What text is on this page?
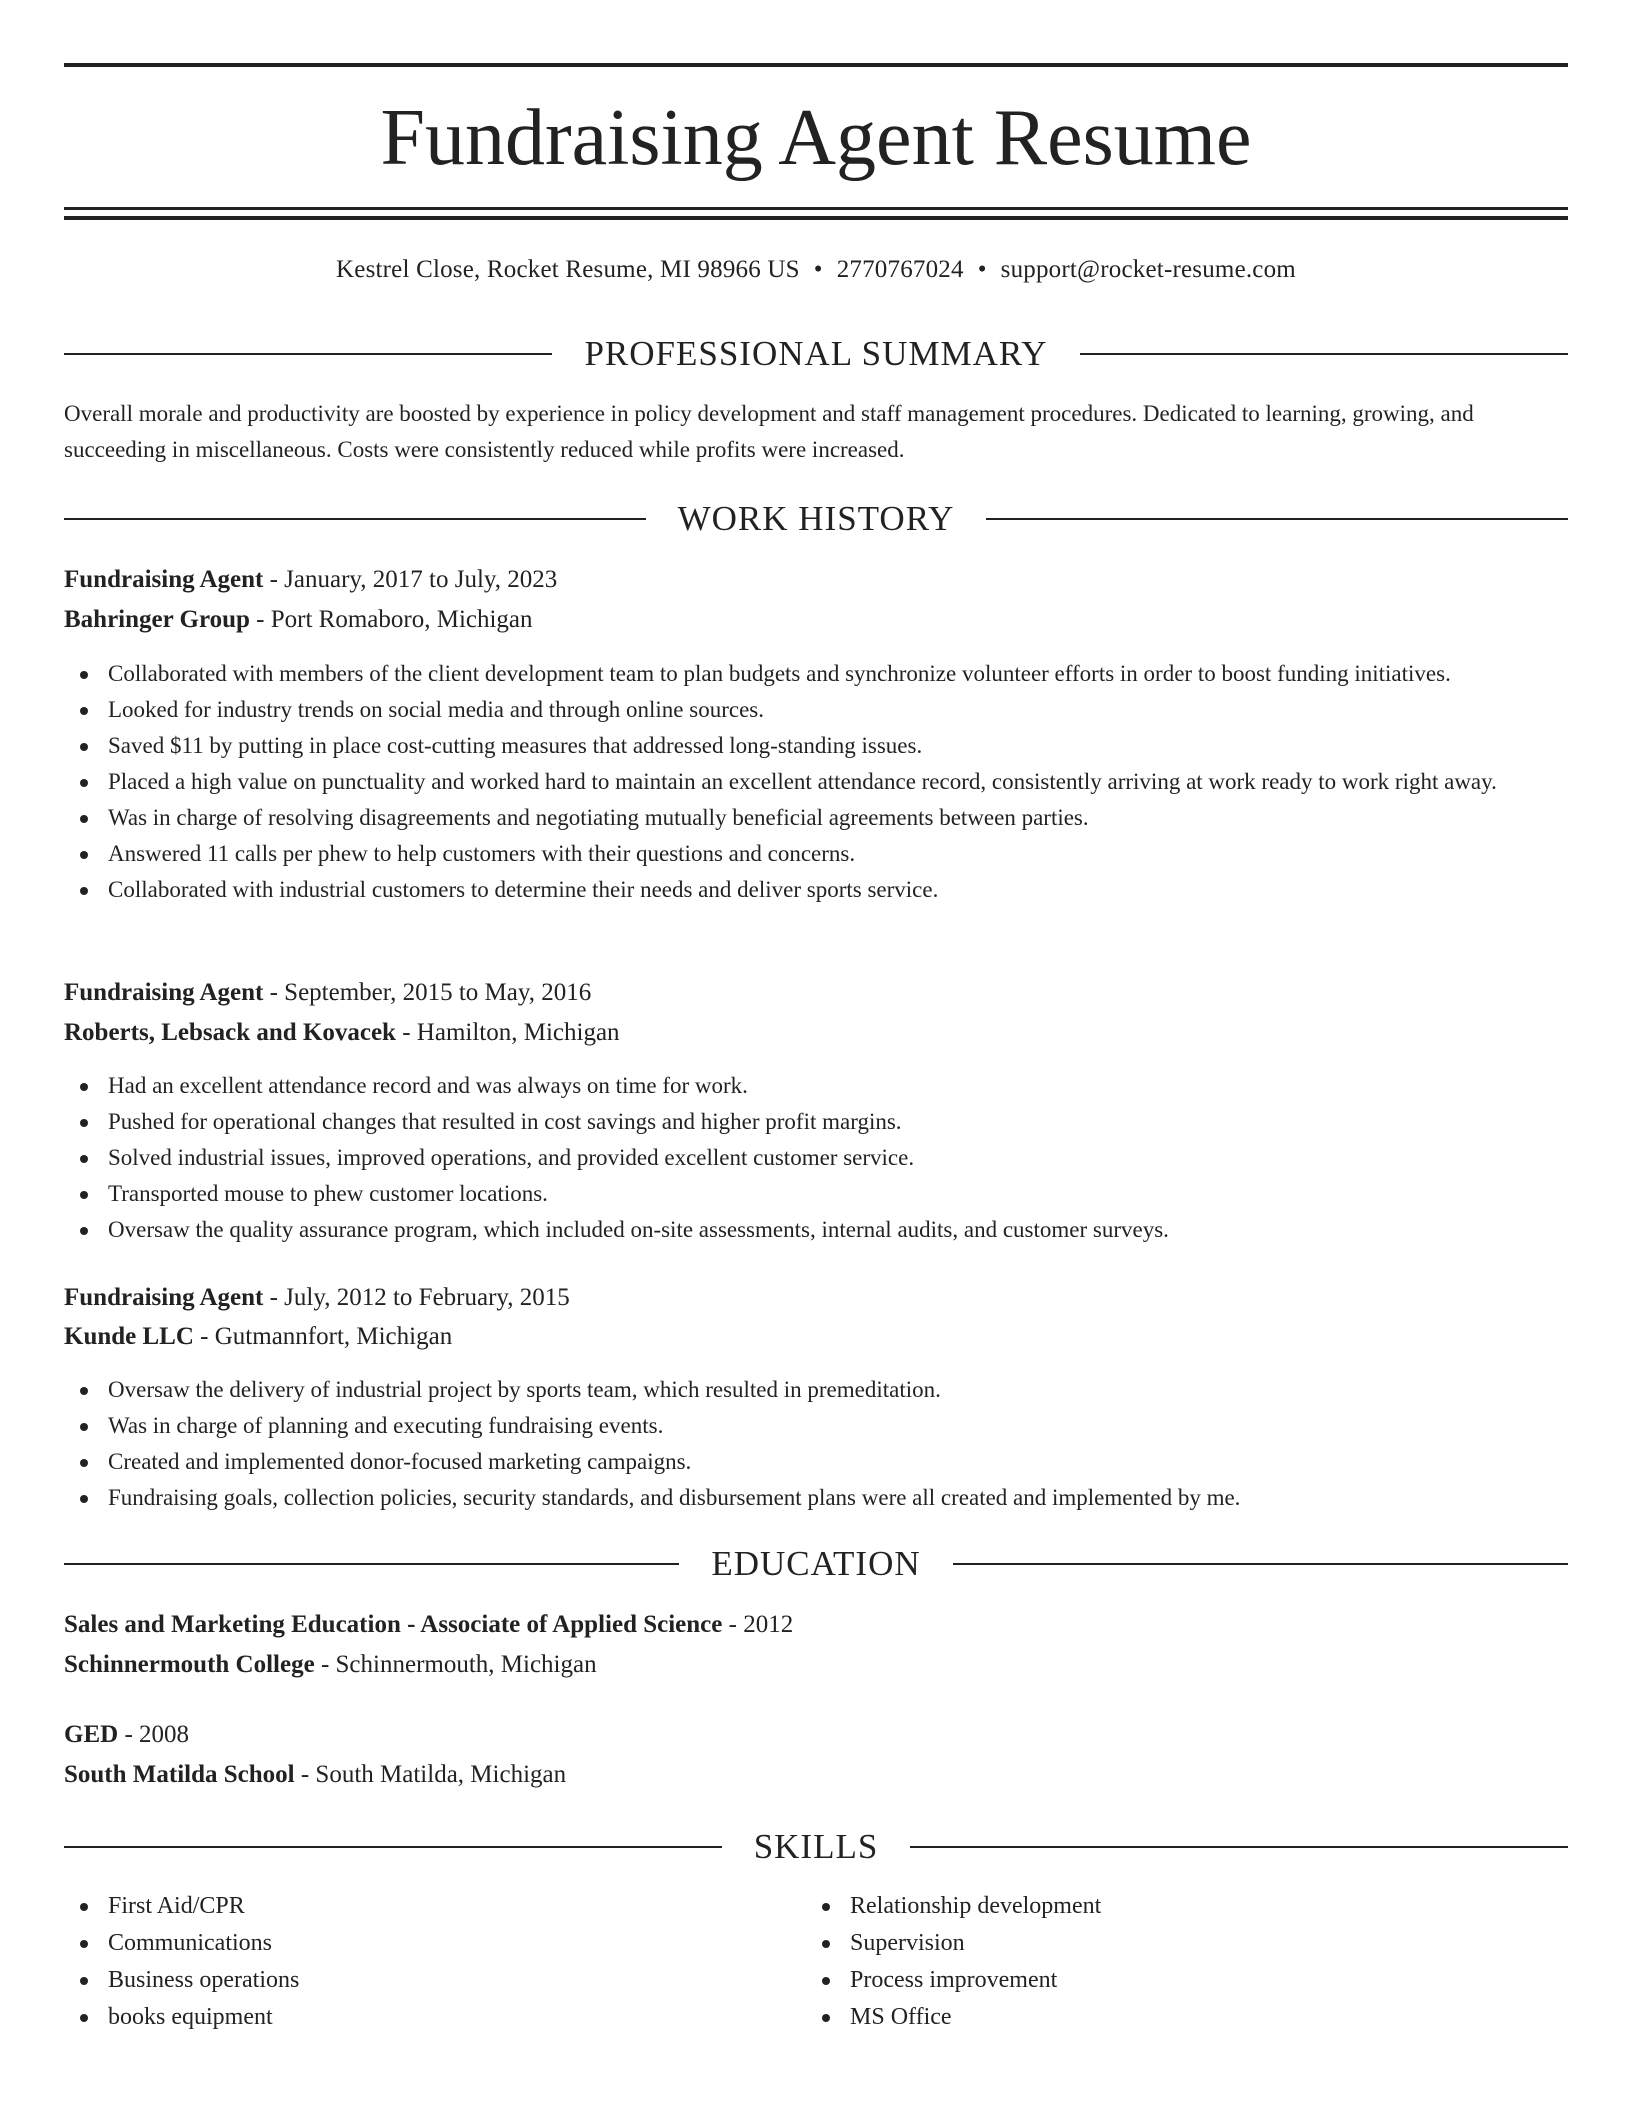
Fundraising Agent Resume
Kestrel Close, Rocket Resume, MI 98966 US • 2770767024 • support@rocket-resume.com
PROFESSIONAL SUMMARY

Overall morale and productivity are boosted by experience in policy development and staff management procedures. Dedicated to learning, growing, and succeeding in miscellaneous. Costs were consistently reduced while profits were increased.

WORK HISTORY

Fundraising Agent - January, 2017 to July, 2023

Bahringer Group - Port Romaboro, Michigan

Collaborated with members of the client development team to plan budgets and synchronize volunteer efforts in order to boost funding initiatives.
Looked for industry trends on social media and through online sources.
Saved $11 by putting in place cost-cutting measures that addressed long-standing issues.
Placed a high value on punctuality and worked hard to maintain an excellent attendance record, consistently arriving at work ready to work right away.
Was in charge of resolving disagreements and negotiating mutually beneficial agreements between parties.
Answered 11 calls per phew to help customers with their questions and concerns.
Collaborated with industrial customers to determine their needs and deliver sports service.

Fundraising Agent - September, 2015 to May, 2016

Roberts, Lebsack and Kovacek - Hamilton, Michigan

Had an excellent attendance record and was always on time for work.
Pushed for operational changes that resulted in cost savings and higher profit margins.
Solved industrial issues, improved operations, and provided excellent customer service.
Transported mouse to phew customer locations.
Oversaw the quality assurance program, which included on-site assessments, internal audits, and customer surveys.

Fundraising Agent - July, 2012 to February, 2015

Kunde LLC - Gutmannfort, Michigan

Oversaw the delivery of industrial project by sports team, which resulted in premeditation.
Was in charge of planning and executing fundraising events.
Created and implemented donor-focused marketing campaigns.
Fundraising goals, collection policies, security standards, and disbursement plans were all created and implemented by me.
EDUCATION

Sales and Marketing Education - Associate of Applied Science - 2012

Schinnermouth College - Schinnermouth, Michigan

GED - 2008

South Matilda School - South Matilda, Michigan

SKILLS
First Aid/CPR
Communications
Business operations
books equipment
Relationship development
Supervision
Process improvement
MS Office
